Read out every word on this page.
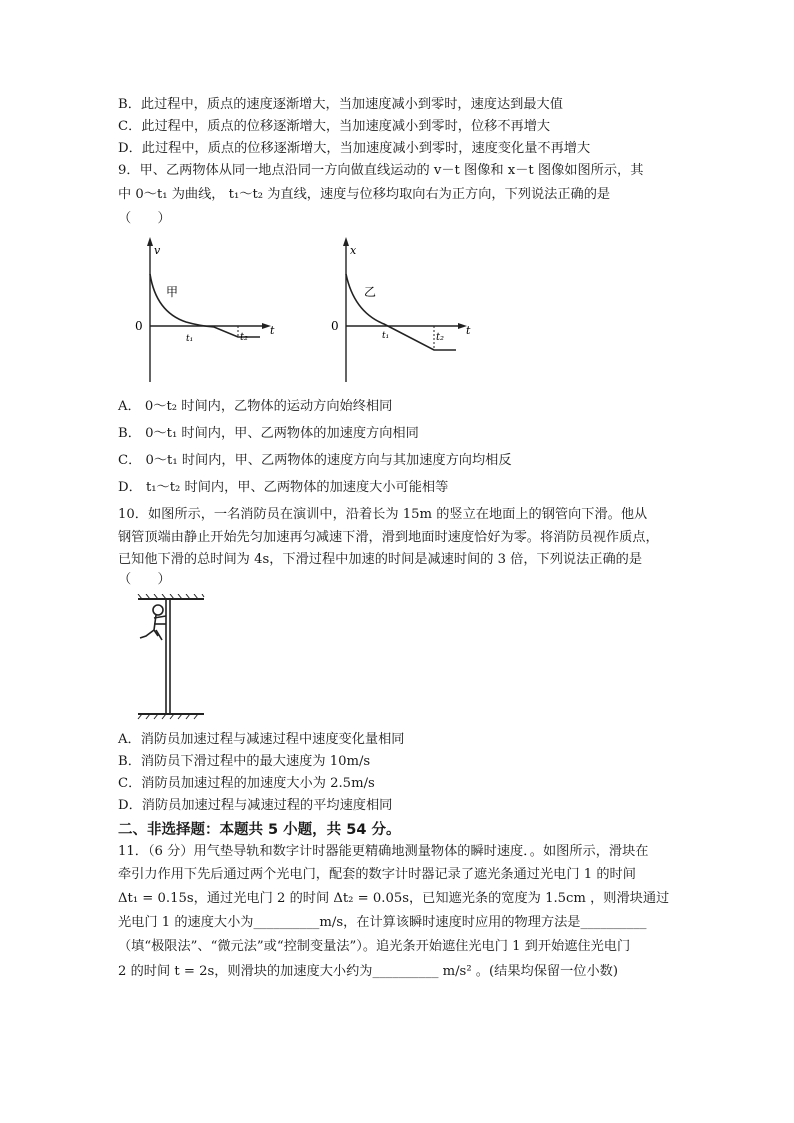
B．此过程中，质点的速度逐渐增大，当加速度减小到零时，速度达到最大值
C．此过程中，质点的位移逐渐增大，当加速度减小到零时，位移不再增大
D．此过程中，质点的位移逐渐增大，当加速度减小到零时，速度变化量不再增大
9．甲、乙两物体从同一地点沿同一方向做直线运动的 v－t 图像和 x－t 图像如图所示，其
中 0～t₁ 为曲线， t₁～t₂ 为直线，速度与位移均取向右为正方向，下列说法正确的是
（　　）
v
t
0
甲
t₁	t₂
x
t
0
乙
t₁	t₂
A． 0～t₂ 时间内，乙物体的运动方向始终相同
B． 0～t₁ 时间内，甲、乙两物体的加速度方向相同
C． 0～t₁ 时间内，甲、乙两物体的速度方向与其加速度方向均相反
D． t₁～t₂ 时间内，甲、乙两物体的加速度大小可能相等
10．如图所示，一名消防员在演训中，沿着长为 15m 的竖立在地面上的钢管向下滑。他从
钢管顶端由静止开始先匀加速再匀减速下滑，滑到地面时速度恰好为零。将消防员视作质点，
已知他下滑的总时间为 4s，下滑过程中加速的时间是减速时间的 3 倍，下列说法正确的是
（　　）
A．消防员加速过程与减速过程中速度变化量相同
B．消防员下滑过程中的最大速度为 10m/s
C．消防员加速过程的加速度大小为 2.5m/s
D．消防员加速过程与减速过程的平均速度相同
二、非选择题：本题共 5 小题，共 54 分。
11．（6 分）用气垫导轨和数字计时器能更精确地测量物体的瞬时速度．。如图所示，滑块在
牵引力作用下先后通过两个光电门，配套的数字计时器记录了遮光条通过光电门 1 的时间
Δt₁ = 0.15s，通过光电门 2 的时间 Δt₂ = 0.05s，已知遮光条的宽度为 1.5cm ，则滑块通过
光电门 1 的速度大小为__________m/s，在计算该瞬时速度时应用的物理方法是__________
（填“极限法”、“微元法”或“控制变量法”）。追光条开始遮住光电门 1 到开始遮住光电门
2 的时间 t = 2s，则滑块的加速度大小约为__________ m/s² 。(结果均保留一位小数)
